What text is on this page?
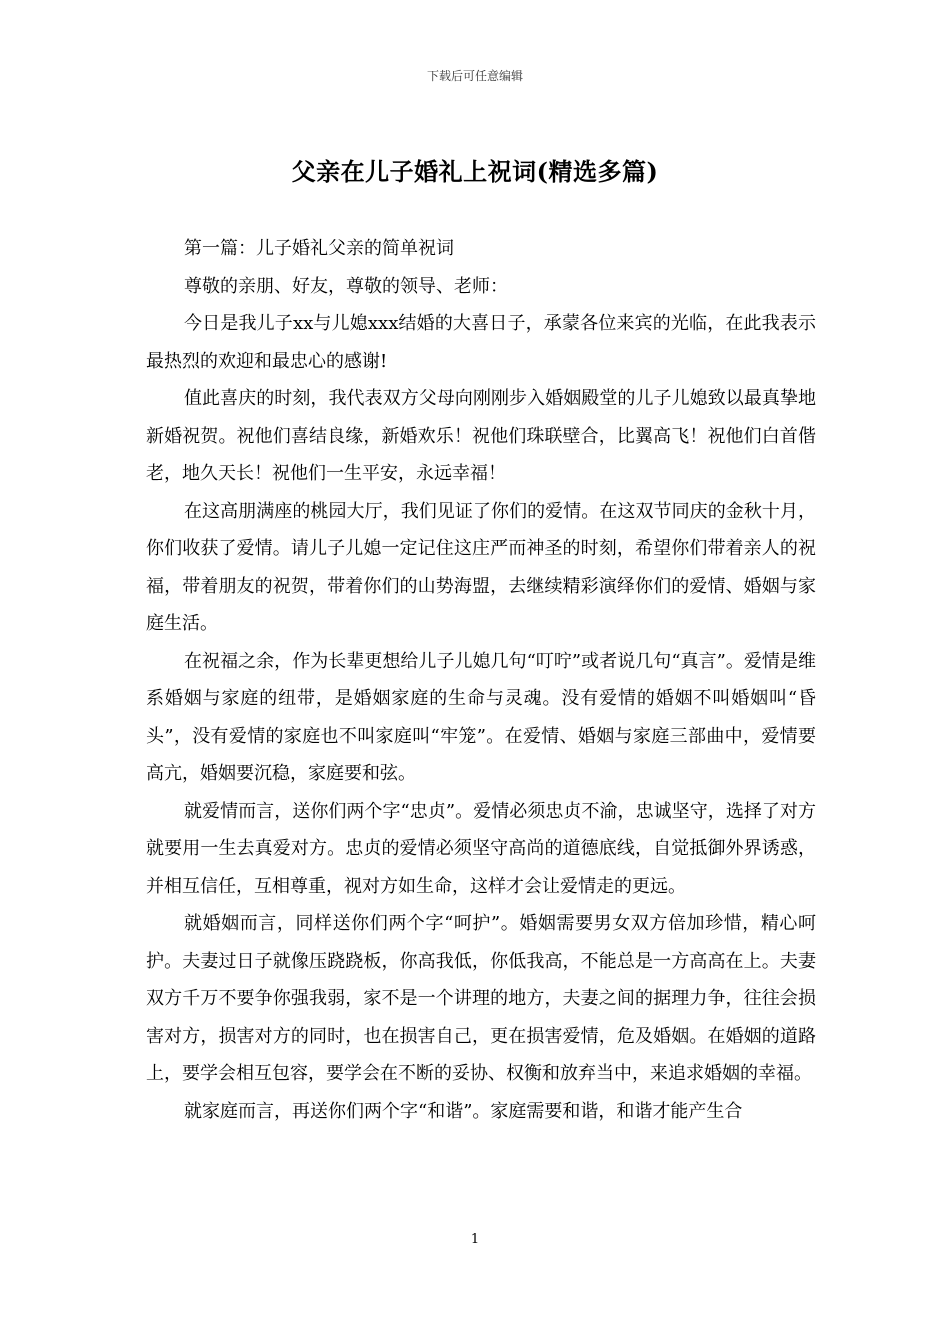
下载后可任意编辑
父亲在儿子婚礼上祝词(精选多篇)

第一篇：儿子婚礼父亲的简单祝词

尊敬的亲朋、好友，尊敬的领导、老师：

今日是我儿子xx与儿媳xxx结婚的大喜日子，承蒙各位来宾的光临，在此我表示最热烈的欢迎和最忠心的感谢!

值此喜庆的时刻，我代表双方父母向刚刚步入婚姻殿堂的儿子儿媳致以最真挚地新婚祝贺。祝他们喜结良缘，新婚欢乐！祝他们珠联壁合，比翼高飞！祝他们白首偕老，地久天长！祝他们一生平安，永远幸福！

在这高朋满座的桃园大厅，我们见证了你们的爱情。在这双节同庆的金秋十月，你们收获了爱情。请儿子儿媳一定记住这庄严而神圣的时刻，希望你们带着亲人的祝福，带着朋友的祝贺，带着你们的山势海盟，去继续精彩演绎你们的爱情、婚姻与家庭生活。

在祝福之余，作为长辈更想给儿子儿媳几句“叮咛”或者说几句“真言”。爱情是维系婚姻与家庭的纽带，是婚姻家庭的生命与灵魂。没有爱情的婚姻不叫婚姻叫“昏头”，没有爱情的家庭也不叫家庭叫“牢笼”。在爱情、婚姻与家庭三部曲中，爱情要高亢，婚姻要沉稳，家庭要和弦。

就爱情而言，送你们两个字“忠贞”。爱情必须忠贞不渝，忠诚坚守，选择了对方就要用一生去真爱对方。忠贞的爱情必须坚守高尚的道德底线，自觉抵御外界诱惑，并相互信任，互相尊重，视对方如生命，这样才会让爱情走的更远。

就婚姻而言，同样送你们两个字“呵护”。婚姻需要男女双方倍加珍惜，精心呵护。夫妻过日子就像压跷跷板，你高我低，你低我高，不能总是一方高高在上。夫妻双方千万不要争你强我弱，家不是一个讲理的地方，夫妻之间的据理力争，往往会损害对方，损害对方的同时，也在损害自己，更在损害爱情，危及婚姻。在婚姻的道路上，要学会相互包容，要学会在不断的妥协、权衡和放弃当中，来追求婚姻的幸福。

就家庭而言，再送你们两个字“和谐”。家庭需要和谐，和谐才能产生合

1
